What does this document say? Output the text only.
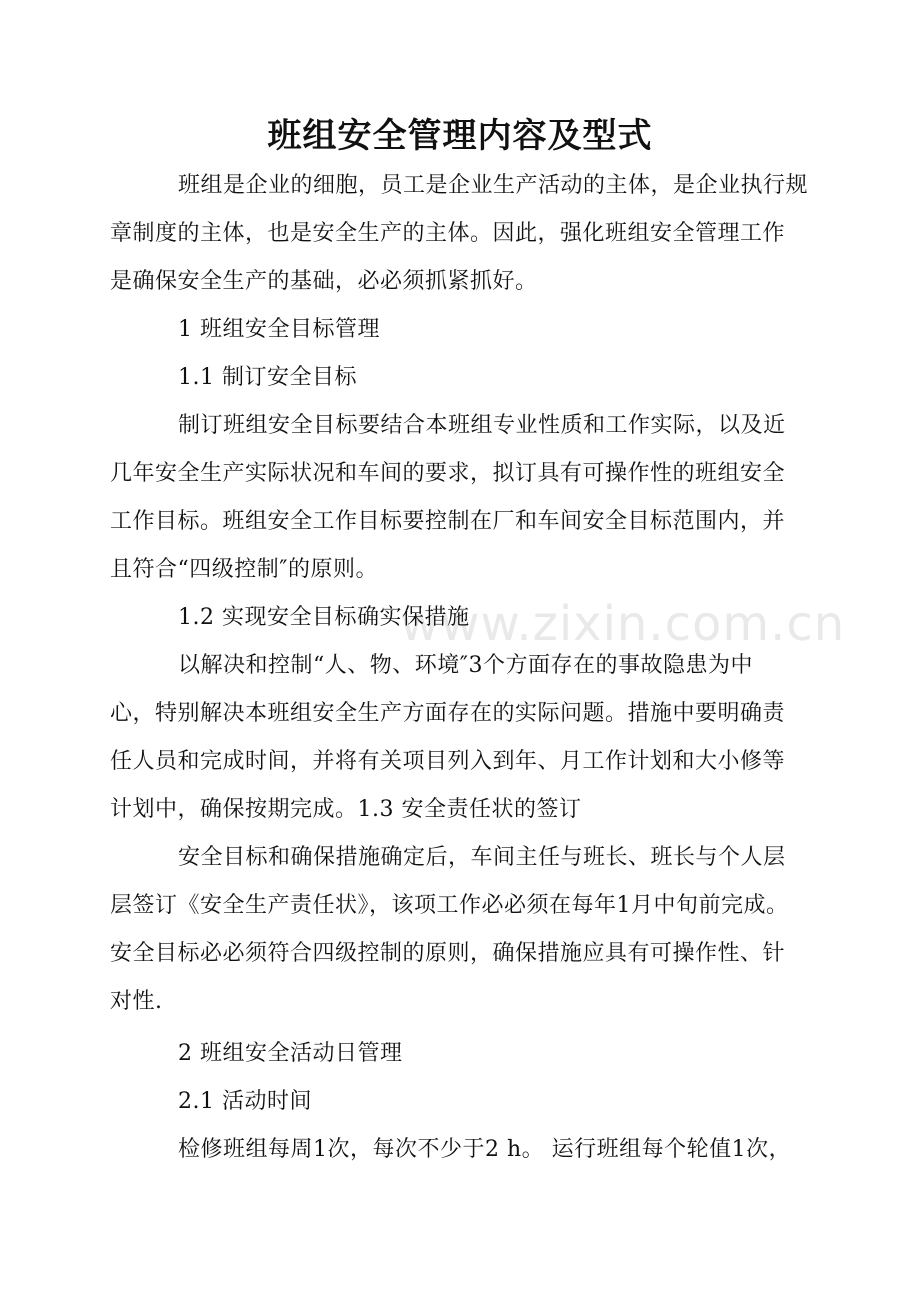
www.zixin.com.cn
班组安全管理内容及型式
班组是企业的细胞，员工是企业生产活动的主体，是企业执行规
章制度的主体，也是安全生产的主体。因此，强化班组安全管理工作
是确保安全生产的基础，必必须抓紧抓好。
1 班组安全目标管理
1.1 制订安全目标
制订班组安全目标要结合本班组专业性质和工作实际，以及近
几年安全生产实际状况和车间的要求，拟订具有可操作性的班组安全
工作目标。班组安全工作目标要控制在厂和车间安全目标范围内，并
且符合“四级控制″的原则。
1.2 实现安全目标确实保措施
以解决和控制“人、物、环境″3个方面存在的事故隐患为中
心，特别解决本班组安全生产方面存在的实际问题。措施中要明确责
任人员和完成时间，并将有关项目列入到年、月工作计划和大小修等
计划中，确保按期完成。1.3 安全责任状的签订
安全目标和确保措施确定后，车间主任与班长、班长与个人层
层签订《安全生产责任状》，该项工作必必须在每年1月中旬前完成。
安全目标必必须符合四级控制的原则，确保措施应具有可操作性、针
对性.
2 班组安全活动日管理
2.1 活动时间
检修班组每周1次，每次不少于2 h。 运行班组每个轮值1次，
